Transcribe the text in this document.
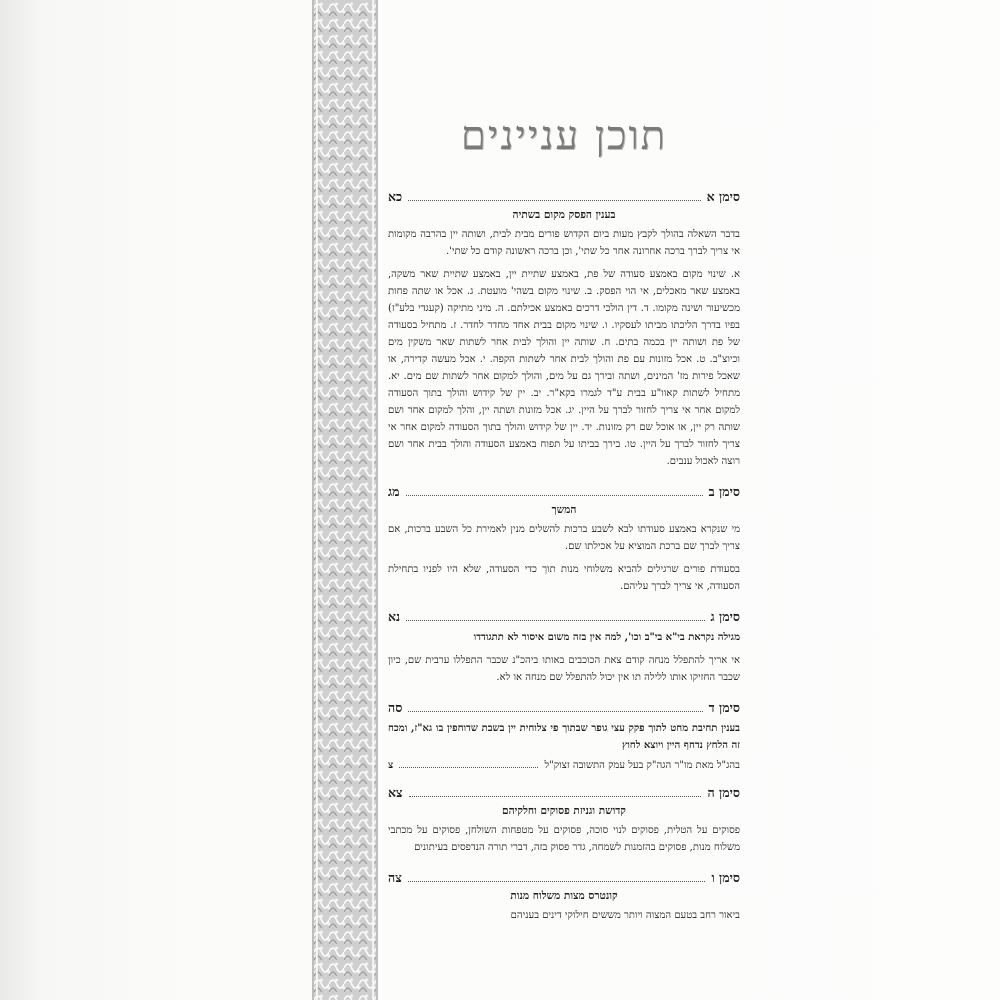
תוכן עניינים
סימן א
כא
בענין הפסק מקום בשתיה

בדבר השאלה בהולך לקבץ מעות ביום הקדוש פורים מבית לבית, ושותה יין בהרבה מקומות אי צריך לברך ברכה אחרונה אחר כל שתי', וכן ברכה ראשונה קודם כל שתי'.

א. שינוי מקום באמצע סעודה של פת, באמצע שתיית יין, באמצע שתיית שאר משקה, באמצע שאר מאכלים, אי הוי הפסק. ב. שינוי מקום בשהי' מועטת. ג. אכל או שתה פחות מכשיעור ושינה מקומו. ד. דין הולכי דרכים באמצע אכילתם. ה. מיני מתיקה (קעגדי בלע"ז) בפיו בדרך הליכתו מביתו לעסקיו. ו. שינוי מקום בבית אחד מחדר לחדר. ז. מתחיל בסעודה של פת ושותה יין בכמה בתים. ח. שותה יין והולך לבית אחר לשתות שאר משקין מים וכיוצ"ב. ט. אכל מזונות עם פת והולך לבית אחר לשתות הקפה. י. אכל מעשה קדירה, או שאכל פירות מז' המינים, ושתה ובירך גם על מים, והולך למקום אחר לשתות שם מים. יא. מתחיל לשתות קאוו"ע בבית ע"ד לגמרו בקא"ר. יב. יין של קידוש והולך בתוך הסעודה למקום אחר אי צריך לחזור לברך על היין. יג. אכל מזונות ושתה יין, והלך למקום אחר ושם שותה רק יין, או אוכל שם רק מזונות. יד. יין של קידוש והולך בתוך הסעודה למקום אחר אי צריך לחזור לברך על היין. טו. בירך בביתו על תפוח באמצע הסעודה והולך בבית אחר ושם רוצה לאכול ענבים.

סימן ב
מג
המשך

מי שנקרא באמצע סעודתו לבא לשבע ברכות להשלים מנין לאמירת כל השבע ברכות, אם צריך לברך שם ברכת המוציא על אכילתו שם.

בסעודת פורים שרגילים להביא משלוחי מנות תוך כדי הסעודה, שלא היו לפניו בתחילת הסעודה, אי צריך לברך עליהם.

סימן ג
נא

מגילה נקראת בי"א בי"ב וכו', למה אין בזה משום איסור לא תתגודדו

אי אריך להתפלל מנחה קודם צאת הכוכבים באותו ביהכ"נ שכבר התפללו ערבית שם, כיון שכבר החזיקו אותו ללילה תו אין יכול להתפלל שם מנחה או לא.

סימן ד
סה

בענין תחיבת מחט לתוך פקק עצי גופר שבתוך פי צלוחית יין בשבת שדוחפין בו גא"ז, ומכח זה הלחץ נדחף היין ויוצא לחוץ

בהג"ל מאת מו"ר הגה"ק בעל עמק התשובה זצוק"ל
צ
סימן ה
צא
קדושת וגניזת פסוקים וחלקיהם

פסוקים על הטלית, פסוקים לנוי סוכה, פסוקים על מטפחות השולחן, פסוקים על מכתבי משלוח מנות, פסוקים בהזמנות לשמחה, גדר פסוק בזה, דברי תורה הנדפסים בעיתונים

סימן ו
צה
קונטרס מצות משלוח מנות

ביאור רחב בטעם המצוה ויותר מששים חילוקי דינים בעניהם
